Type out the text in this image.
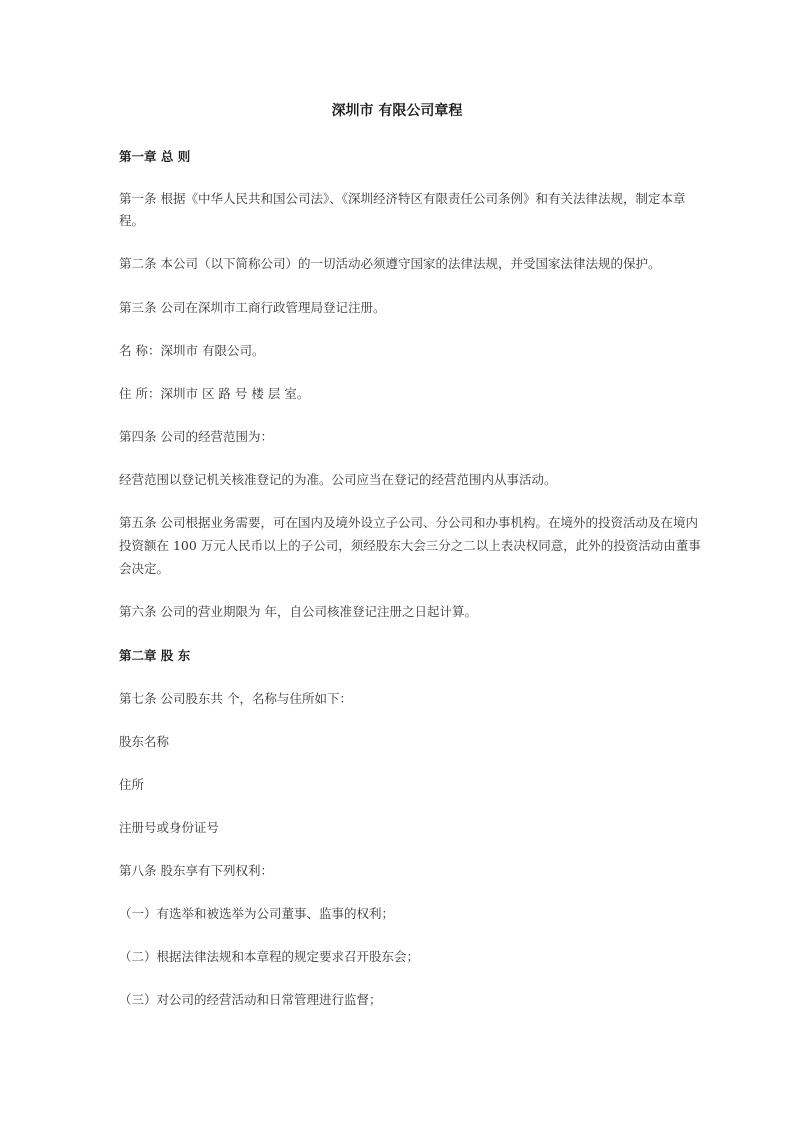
深圳市 有限公司章程
第一章 总 则
第一条 根据《中华人民共和国公司法》、《深圳经济特区有限责任公司条例》和有关法律法规，制定本章
程。
第二条 本公司（以下简称公司）的一切活动必须遵守国家的法律法规，并受国家法律法规的保护。
第三条 公司在深圳市工商行政管理局登记注册。
名 称：深圳市 有限公司。
住 所：深圳市 区 路 号 楼 层 室。
第四条 公司的经营范围为：
经营范围以登记机关核准登记的为准。公司应当在登记的经营范围内从事活动。
第五条 公司根据业务需要，可在国内及境外设立子公司、分公司和办事机构。在境外的投资活动及在境内
投资额在 100 万元人民币以上的子公司，须经股东大会三分之二以上表决权同意，此外的投资活动由董事
会决定。
第六条 公司的营业期限为 年，自公司核准登记注册之日起计算。
第二章 股 东
第七条 公司股东共 个，名称与住所如下：
股东名称
住所
注册号或身份证号
第八条 股东享有下列权利：
（一）有选举和被选举为公司董事、监事的权利；
（二）根据法律法规和本章程的规定要求召开股东会；
（三）对公司的经营活动和日常管理进行监督；
